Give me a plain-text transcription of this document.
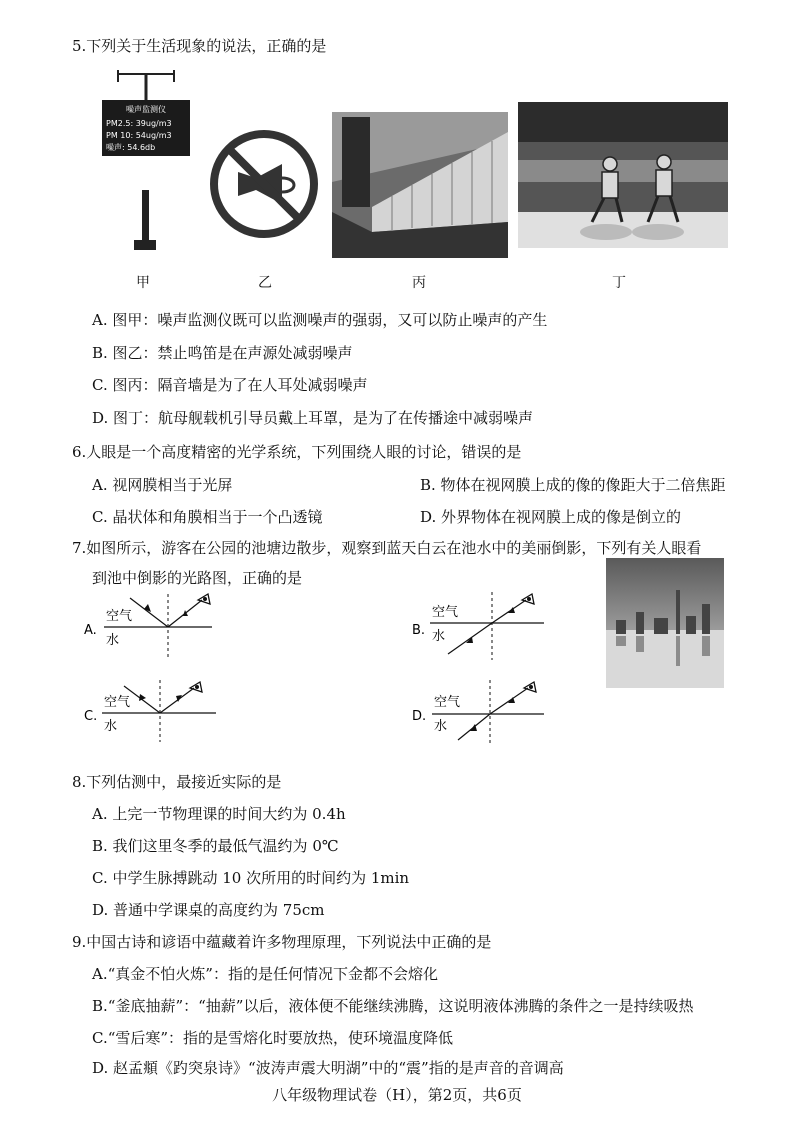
5.下列关于生活现象的说法，正确的是
噪声监测仪
PM2.5: 39ug/m3
PM 10: 54ug/m3
噪声: 54.6db
甲	乙	丙	丁
A. 图甲：噪声监测仪既可以监测噪声的强弱，又可以防止噪声的产生
B. 图乙：禁止鸣笛是在声源处减弱噪声
C. 图丙：隔音墙是为了在人耳处减弱噪声
D. 图丁：航母舰载机引导员戴上耳罩，是为了在传播途中减弱噪声
6.人眼是一个高度精密的光学系统，下列围绕人眼的讨论，错误的是
A. 视网膜相当于光屏	B. 物体在视网膜上成的像的像距大于二倍焦距
C. 晶状体和角膜相当于一个凸透镜	D. 外界物体在视网膜上成的像是倒立的
7.如图所示，游客在公园的池塘边散步，观察到蓝天白云在池水中的美丽倒影，下列有关人眼看
到池中倒影的光路图，正确的是
A.
空气
水
B.
空气
水
C.
空气
水
D.
空气
水
8.下列估测中，最接近实际的是
A. 上完一节物理课的时间大约为 0.4h
B. 我们这里冬季的最低气温约为 0℃
C. 中学生脉搏跳动 10 次所用的时间约为 1min
D. 普通中学课桌的高度约为 75cm
9.中国古诗和谚语中蕴藏着许多物理原理，下列说法中正确的是
A.“真金不怕火炼”：指的是任何情况下金都不会熔化
B.“釜底抽薪”：“抽薪”以后，液体便不能继续沸腾，这说明液体沸腾的条件之一是持续吸热
C.“雪后寒”：指的是雪熔化时要放热，使环境温度降低
D. 赵孟頫《趵突泉诗》“波涛声震大明湖”中的“震”指的是声音的音调高
八年级物理试卷（H），第2页，共6页
